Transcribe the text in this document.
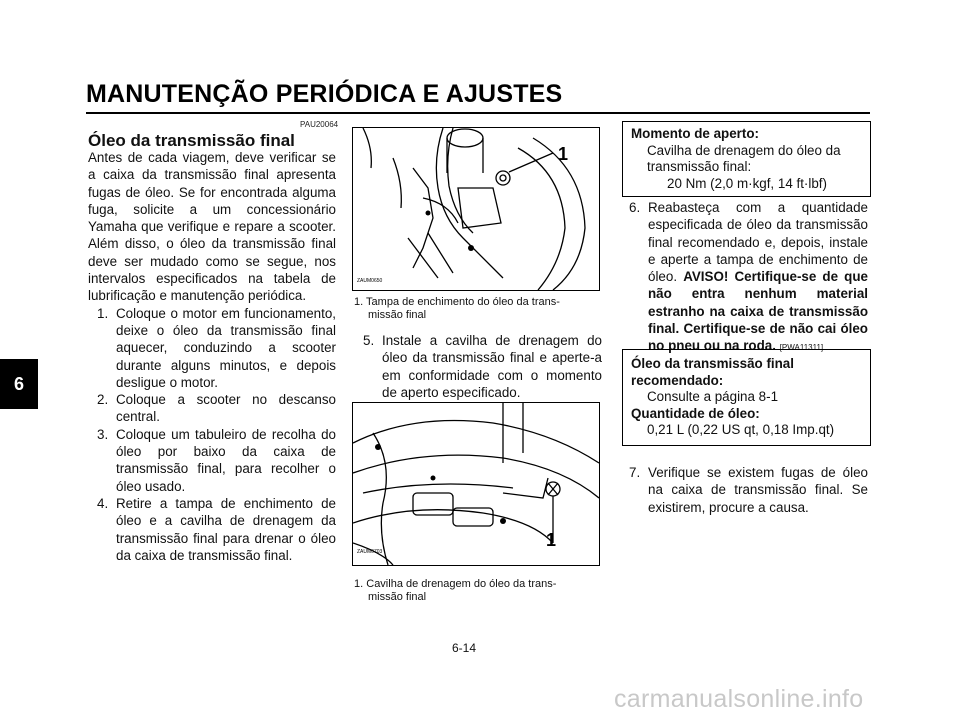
MANUTENÇÃO PERIÓDICA E AJUSTES
6
PAU20064
Óleo da transmissão final
Antes de cada viagem, deve verificar se a caixa da transmissão final apresenta fugas de óleo. Se for encontrada alguma fuga, solicite a um concessionário Yamaha que verifique e repare a scooter. Além disso, o óleo da transmissão final deve ser mudado como se segue, nos intervalos especificados na tabela de lubrificação e manutenção periódica.
1. Coloque o motor em funcionamento, deixe o óleo da transmissão final aquecer, conduzindo a scooter durante alguns minutos, e depois desligue o motor.
2. Coloque a scooter no descanso central.
3. Coloque um tabuleiro de recolha do óleo por baixo da caixa de transmissão final, para recolher o óleo usado.
4. Retire a tampa de enchimento de óleo e a cavilha de drenagem da transmissão final para drenar o óleo da caixa de transmissão final.
1
ZAUM0650
1. Tampa de enchimento do óleo da trans-
missão final
5. Instale a cavilha de drenagem do óleo da transmissão final e aperte-a em conformidade com o momento de aperto especificado.
1
ZAUM0703
1. Cavilha de drenagem do óleo da trans-
missão final
Momento de aperto:
Cavilha de drenagem do óleo da
transmissão final:
20 Nm (2,0 m·kgf, 14 ft·lbf)
6. Reabasteça com a quantidade especificada de óleo da transmissão final recomendado e, depois, instale e aperte a tampa de enchimento de óleo. AVISO! Certifique-se de que não entra nenhum material estranho na caixa de transmissão final. Certifique-se de não cai óleo no pneu ou na roda. [PWA11311]
Óleo da transmissão final
recomendado:
Consulte a página 8-1
Quantidade de óleo:
0,21 L (0,22 US qt, 0,18 Imp.qt)
7. Verifique se existem fugas de óleo na caixa de transmissão final. Se existirem, procure a causa.
6-14
carmanualsonline.info
